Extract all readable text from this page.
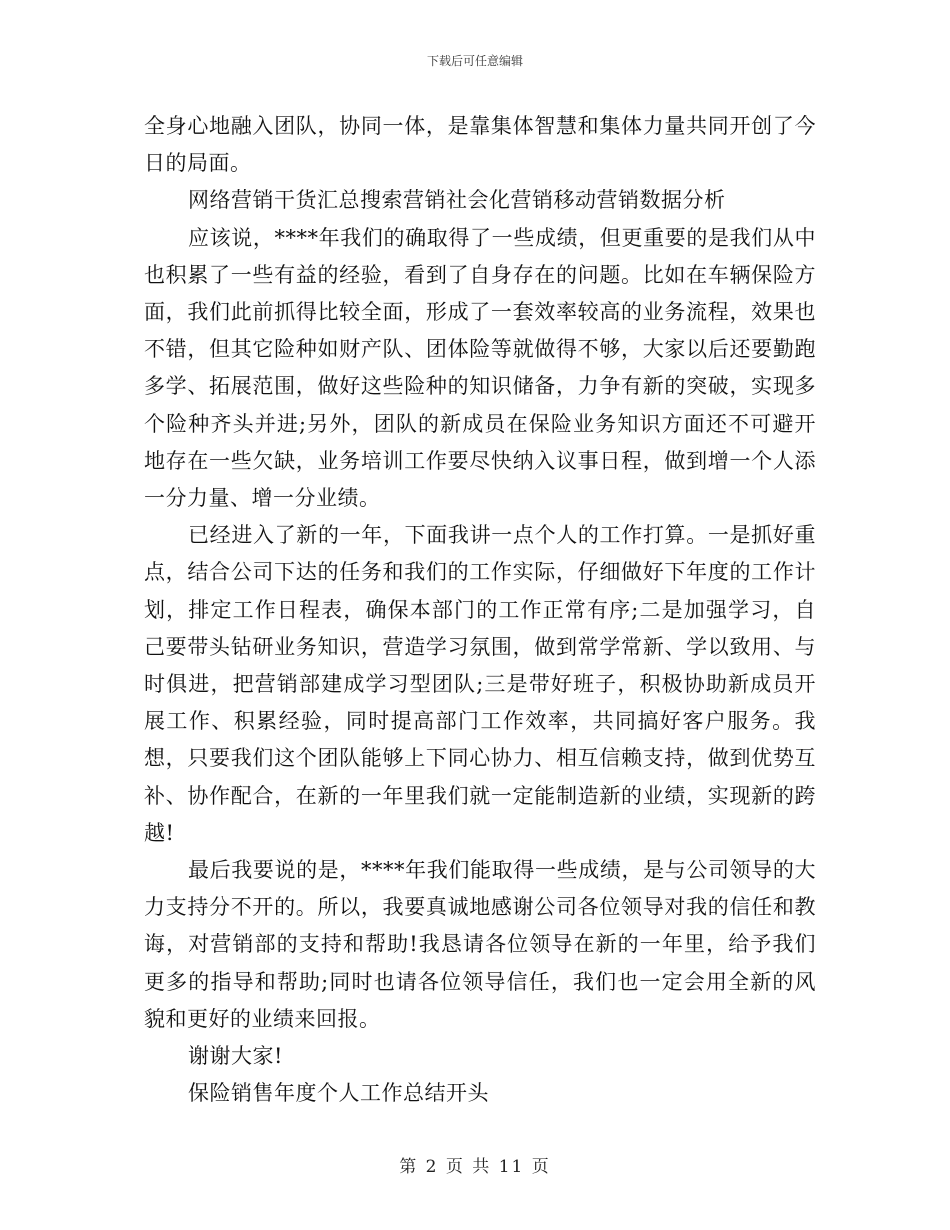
下载后可任意编辑

全身心地融入团队，协同一体，是靠集体智慧和集体力量共同开创了今日的局面。

网络营销干货汇总搜索营销社会化营销移动营销数据分析

应该说，****年我们的确取得了一些成绩，但更重要的是我们从中也积累了一些有益的经验，看到了自身存在的问题。比如在车辆保险方面，我们此前抓得比较全面，形成了一套效率较高的业务流程，效果也不错，但其它险种如财产队、团体险等就做得不够，大家以后还要勤跑多学、拓展范围，做好这些险种的知识储备，力争有新的突破，实现多个险种齐头并进;另外，团队的新成员在保险业务知识方面还不可避开地存在一些欠缺，业务培训工作要尽快纳入议事日程，做到增一个人添一分力量、增一分业绩。

已经进入了新的一年，下面我讲一点个人的工作打算。一是抓好重点，结合公司下达的任务和我们的工作实际，仔细做好下年度的工作计划，排定工作日程表，确保本部门的工作正常有序;二是加强学习，自己要带头钻研业务知识，营造学习氛围，做到常学常新、学以致用、与时俱进，把营销部建成学习型团队;三是带好班子，积极协助新成员开展工作、积累经验，同时提高部门工作效率，共同搞好客户服务。我想，只要我们这个团队能够上下同心协力、相互信赖支持，做到优势互补、协作配合，在新的一年里我们就一定能制造新的业绩，实现新的跨越!

最后我要说的是，****年我们能取得一些成绩，是与公司领导的大力支持分不开的。所以，我要真诚地感谢公司各位领导对我的信任和教诲，对营销部的支持和帮助!我恳请各位领导在新的一年里，给予我们更多的指导和帮助;同时也请各位领导信任，我们也一定会用全新的风貌和更好的业绩来回报。

谢谢大家!

保险销售年度个人工作总结开头

第 2 页 共 11 页
